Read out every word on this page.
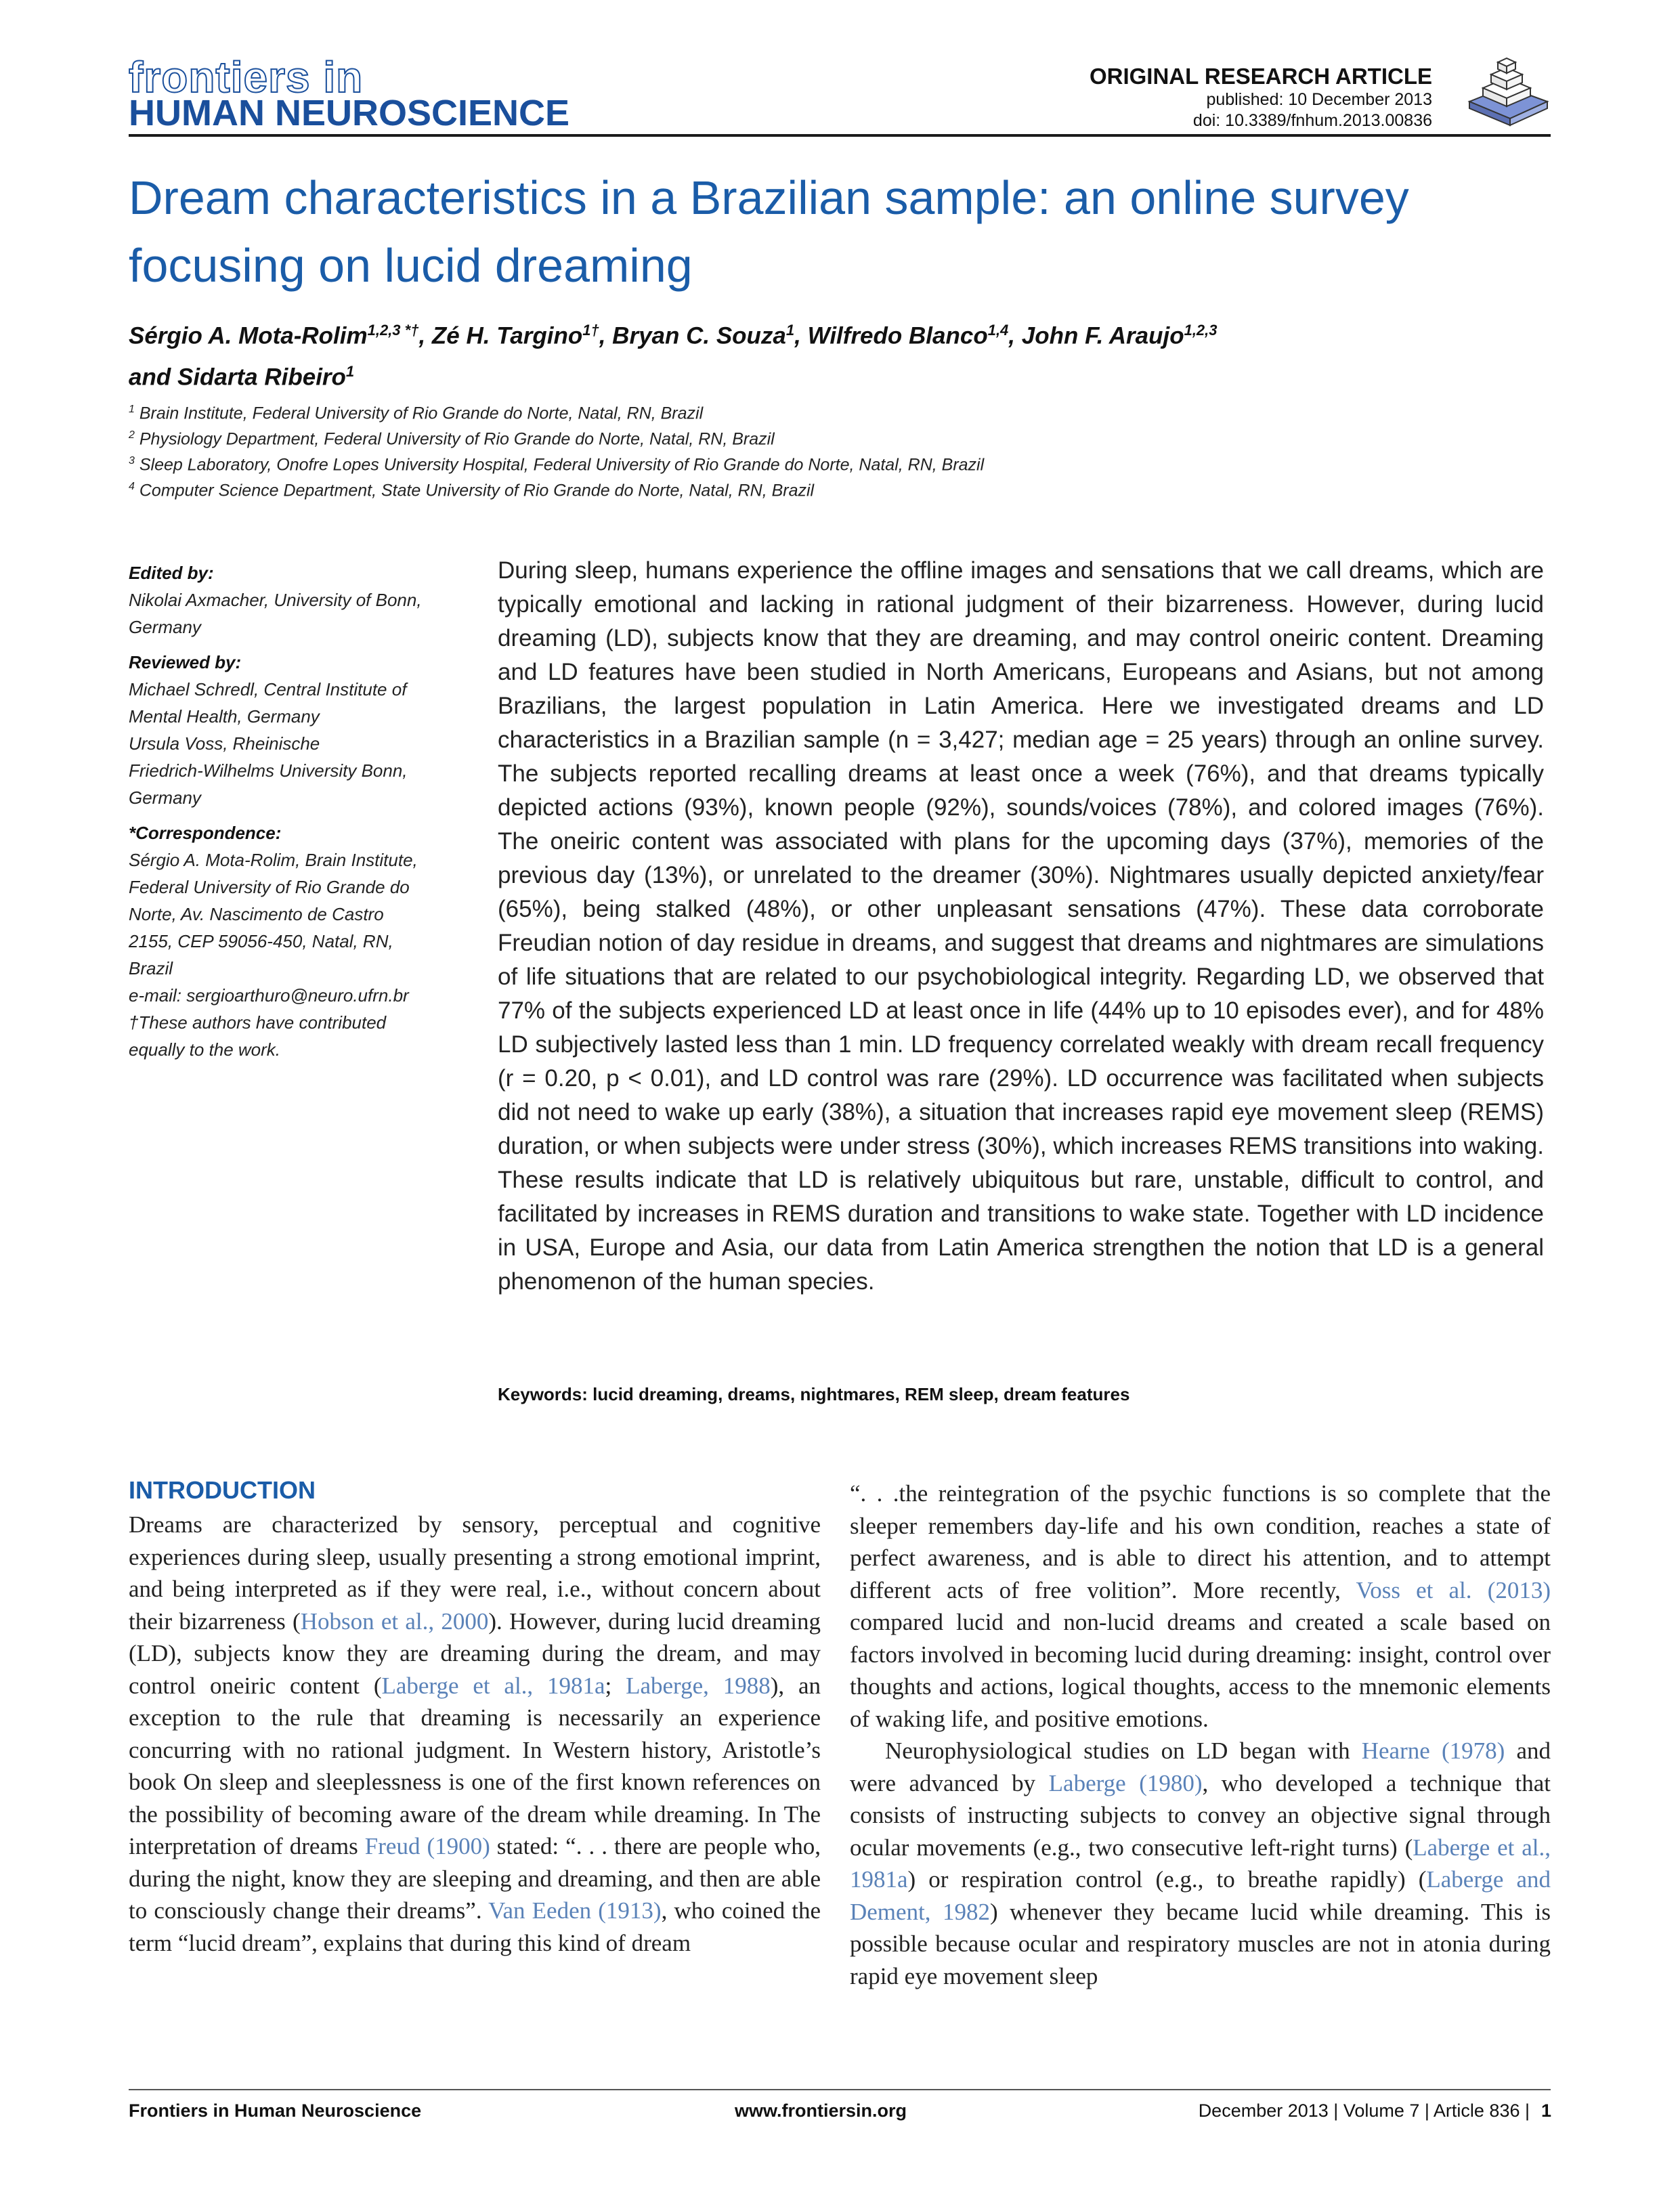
frontiers in
HUMAN NEUROSCIENCE
ORIGINAL RESEARCH ARTICLE
published: 10 December 2013
doi: 10.3389/fnhum.2013.00836
Dream characteristics in a Brazilian sample: an online survey focusing on lucid dreaming
Sérgio A. Mota-Rolim$^{1,2,3 *\dagger}$, Zé H. Targino$^{1\dagger}$, Bryan C. Souza$^1$, Wilfredo Blanco$^{1,4}$, John F. Araujo$^{1,2,3}$
and Sidarta Ribeiro$^1$
$^1$ Brain Institute, Federal University of Rio Grande do Norte, Natal, RN, Brazil
$^2$ Physiology Department, Federal University of Rio Grande do Norte, Natal, RN, Brazil
$^3$ Sleep Laboratory, Onofre Lopes University Hospital, Federal University of Rio Grande do Norte, Natal, RN, Brazil
$^4$ Computer Science Department, State University of Rio Grande do Norte, Natal, RN, Brazil
Edited by:
Nikolai Axmacher, University of Bonn,
Germany
Reviewed by:
Michael Schredl, Central Institute of
Mental Health, Germany
Ursula Voss, Rheinische
Friedrich-Wilhelms University Bonn,
Germany
*Correspondence:
Sérgio A. Mota-Rolim, Brain Institute,
Federal University of Rio Grande do
Norte, Av. Nascimento de Castro
2155, CEP 59056-450, Natal, RN,
Brazil
e-mail: sergioarthuro@neuro.ufrn.br
†These authors have contributed
equally to the work.
During sleep, humans experience the offline images and sensations that we call dreams, which are typically emotional and lacking in rational judgment of their bizarreness. However, during lucid dreaming (LD), subjects know that they are dreaming, and may control oneiric content. Dreaming and LD features have been studied in North Americans, Europeans and Asians, but not among Brazilians, the largest population in Latin America. Here we investigated dreams and LD characteristics in a Brazilian sample (n = 3,427; median age = 25 years) through an online survey. The subjects reported recalling dreams at least once a week (76%), and that dreams typically depicted actions (93%), known people (92%), sounds/voices (78%), and colored images (76%). The oneiric content was associated with plans for the upcoming days (37%), memories of the previous day (13%), or unrelated to the dreamer (30%). Nightmares usually depicted anxiety/fear (65%), being stalked (48%), or other unpleasant sensations (47%). These data corroborate Freudian notion of day residue in dreams, and suggest that dreams and nightmares are simulations of life situations that are related to our psychobiological integrity. Regarding LD, we observed that 77% of the subjects experienced LD at least once in life (44% up to 10 episodes ever), and for 48% LD subjectively lasted less than 1 min. LD frequency correlated weakly with dream recall frequency (r = 0.20, p < 0.01), and LD control was rare (29%). LD occurrence was facilitated when subjects did not need to wake up early (38%), a situation that increases rapid eye movement sleep (REMS) duration, or when subjects were under stress (30%), which increases REMS transitions into waking. These results indicate that LD is relatively ubiquitous but rare, unstable, difficult to control, and facilitated by increases in REMS duration and transitions to wake state. Together with LD incidence in USA, Europe and Asia, our data from Latin America strengthen the notion that LD is a general phenomenon of the human species.
Keywords: lucid dreaming, dreams, nightmares, REM sleep, dream features
INTRODUCTION
Dreams are characterized by sensory, perceptual and cognitive experiences during sleep, usually presenting a strong emotional imprint, and being interpreted as if they were real, i.e., without concern about their bizarreness (Hobson et al., 2000). However, during lucid dreaming (LD), subjects know they are dreaming during the dream, and may control oneiric content (Laberge et al., 1981a; Laberge, 1988), an exception to the rule that dreaming is necessarily an experience concurring with no rational judgment. In Western history, Aristotle’s book On sleep and sleeplessness is one of the first known references on the possibility of becoming aware of the dream while dreaming. In The interpretation of dreams Freud (1900) stated: “. . . there are people who, during the night, know they are sleeping and dreaming, and then are able to consciously change their dreams”. Van Eeden (1913), who coined the term “lucid dream”, explains that during this kind of dream
“. . .the reintegration of the psychic functions is so complete that the sleeper remembers day-life and his own condition, reaches a state of perfect awareness, and is able to direct his attention, and to attempt different acts of free volition”. More recently, Voss et al. (2013) compared lucid and non-lucid dreams and created a scale based on factors involved in becoming lucid during dreaming: insight, control over thoughts and actions, logical thoughts, access to the mnemonic elements of waking life, and positive emotions.
Neurophysiological studies on LD began with Hearne (1978) and were advanced by Laberge (1980), who developed a technique that consists of instructing subjects to convey an objective signal through ocular movements (e.g., two consecutive left-right turns) (Laberge et al., 1981a) or respiration control (e.g., to breathe rapidly) (Laberge and Dement, 1982) whenever they became lucid while dreaming. This is possible because ocular and respiratory muscles are not in atonia during rapid eye movement sleep
Frontiers in Human Neuroscience	www.frontiersin.org	December 2013 | Volume 7 | Article 836 | 1
